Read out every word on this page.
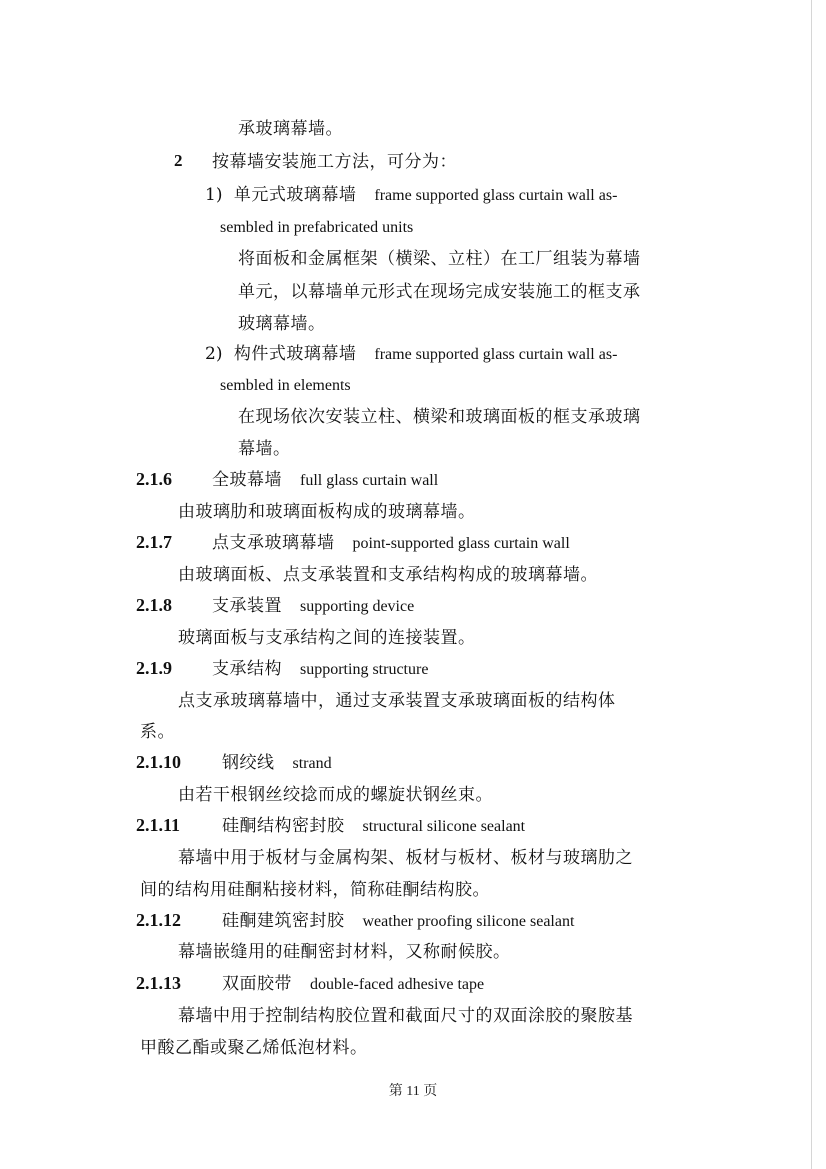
承玻璃幕墙。
2 按幕墙安装施工方法，可分为：
1) 单元式玻璃幕墙 frame supported glass curtain wall as-
sembled in prefabricated units
将面板和金属框架（横梁、立柱）在工厂组装为幕墙
单元，以幕墙单元形式在现场完成安装施工的框支承
玻璃幕墙。
2) 构件式玻璃幕墙 frame supported glass curtain wall as-
sembled in elements
在现场依次安装立柱、横梁和玻璃面板的框支承玻璃
幕墙。
2.1.6 全玻幕墙 full glass curtain wall
由玻璃肋和玻璃面板构成的玻璃幕墙。
2.1.7 点支承玻璃幕墙 point-supported glass curtain wall
由玻璃面板、点支承装置和支承结构构成的玻璃幕墙。
2.1.8 支承装置 supporting device
玻璃面板与支承结构之间的连接装置。
2.1.9 支承结构 supporting structure
点支承玻璃幕墙中，通过支承装置支承玻璃面板的结构体
系。
2.1.10 钢绞线 strand
由若干根钢丝绞捻而成的螺旋状钢丝束。
2.1.11 硅酮结构密封胶 structural silicone sealant
幕墙中用于板材与金属构架、板材与板材、板材与玻璃肋之
间的结构用硅酮粘接材料，简称硅酮结构胶。
2.1.12 硅酮建筑密封胶 weather proofing silicone sealant
幕墙嵌缝用的硅酮密封材料，又称耐候胶。
2.1.13 双面胶带 double-faced adhesive tape
幕墙中用于控制结构胶位置和截面尺寸的双面涂胶的聚胺基
甲酸乙酯或聚乙烯低泡材料。
第 11 页
